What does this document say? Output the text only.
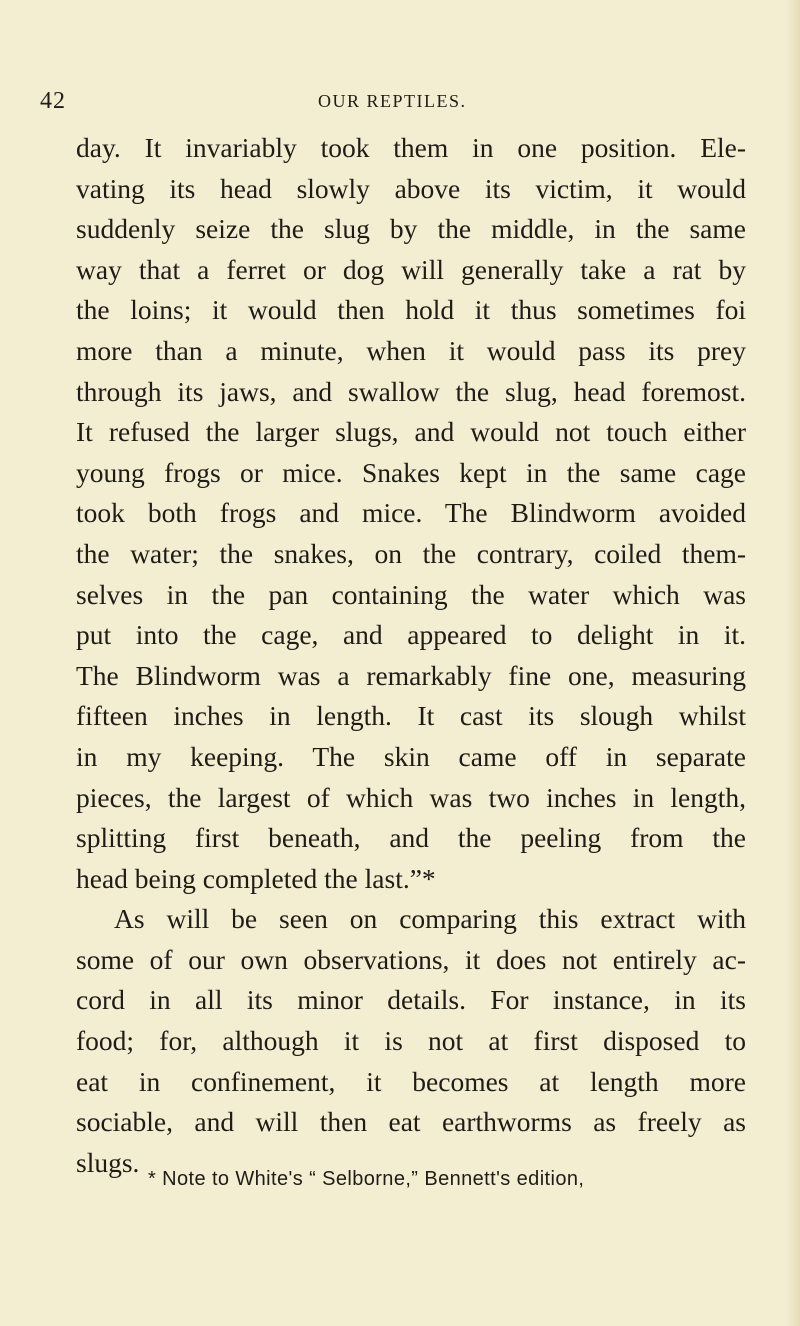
42	OUR REPTILES.
day. It invariably took them in one position. Ele-
vating its head slowly above its victim, it would
suddenly seize the slug by the middle, in the same
way that a ferret or dog will generally take a rat by
the loins; it would then hold it thus sometimes foi
more than a minute, when it would pass its prey
through its jaws, and swallow the slug, head foremost.
It refused the larger slugs, and would not touch either
young frogs or mice. Snakes kept in the same cage
took both frogs and mice. The Blindworm avoided
the water; the snakes, on the contrary, coiled them-
selves in the pan containing the water which was
put into the cage, and appeared to delight in it.
The Blindworm was a remarkably fine one, measuring
fifteen inches in length. It cast its slough whilst
in my keeping. The skin came off in separate
pieces, the largest of which was two inches in length,
splitting first beneath, and the peeling from the
head being completed the last.”*
As will be seen on comparing this extract with
some of our own observations, it does not entirely ac-
cord in all its minor details. For instance, in its
food; for, although it is not at first disposed to
eat in confinement, it becomes at length more
sociable, and will then eat earthworms as freely as
slugs.
* Note to White's “ Selborne,” Bennett's edition,
